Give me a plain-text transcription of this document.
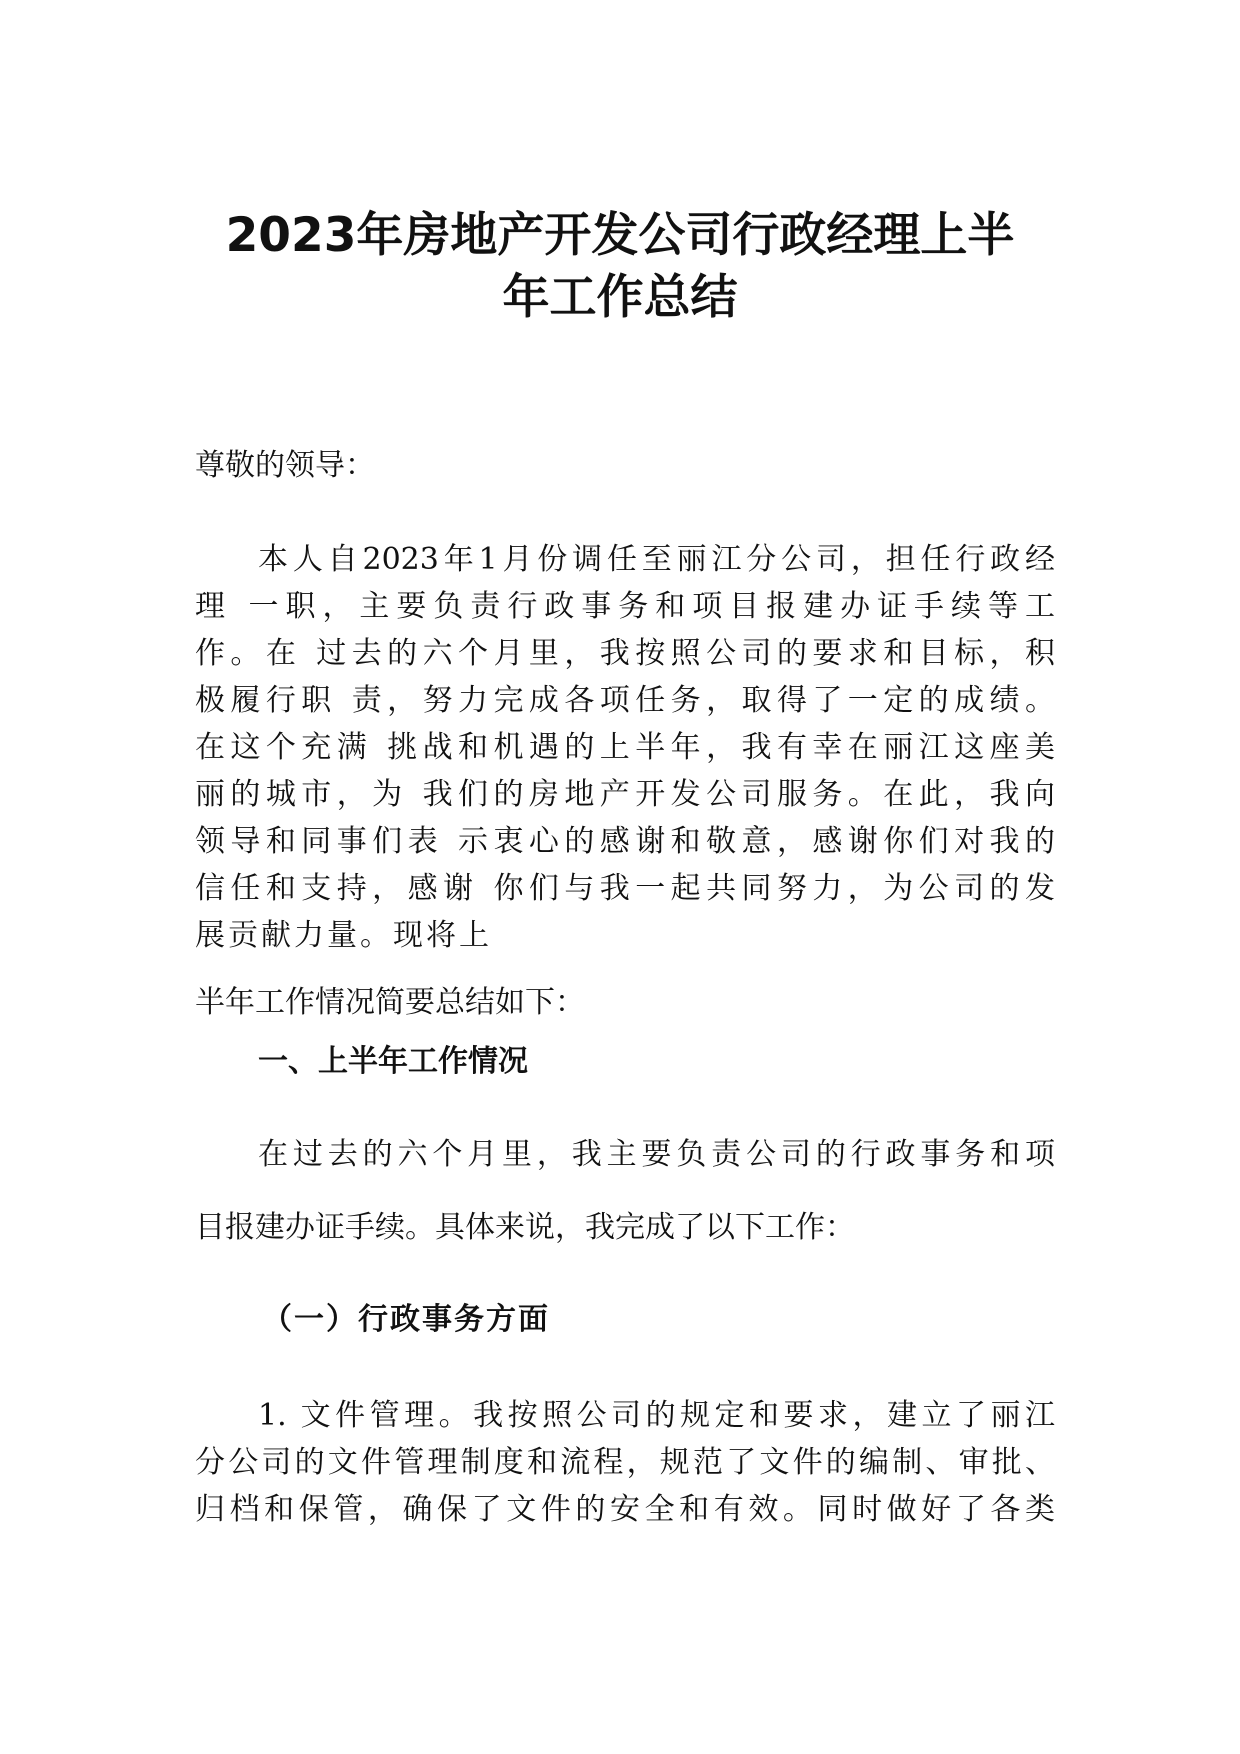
2023年房地产开发公司行政经理上半
年工作总结

尊敬的领导：

本人自2023年1月份调任至丽江分公司，担任行政经

理 一职，主要负责行政事务和项目报建办证手续等工

作。在 过去的六个月里，我按照公司的要求和目标，积

极履行职 责，努力完成各项任务，取得了一定的成绩。

在这个充满 挑战和机遇的上半年，我有幸在丽江这座美

丽的城市，为 我们的房地产开发公司服务。在此，我向

领导和同事们表 示衷心的感谢和敬意，感谢你们对我的

信任和支持，感谢 你们与我一起共同努力，为公司的发

展贡献力量。现将上

半年工作情况简要总结如下：

一、上半年工作情况

在过去的六个月里，我主要负责公司的行政事务和项

目报建办证手续。具体来说，我完成了以下工作：

（一）行政事务方面

1. 文件管理。我按照公司的规定和要求，建立了丽江

分公司的文件管理制度和流程，规范了文件的编制、审批、

归档和保管，确保了文件的安全和有效。同时做好了各类
